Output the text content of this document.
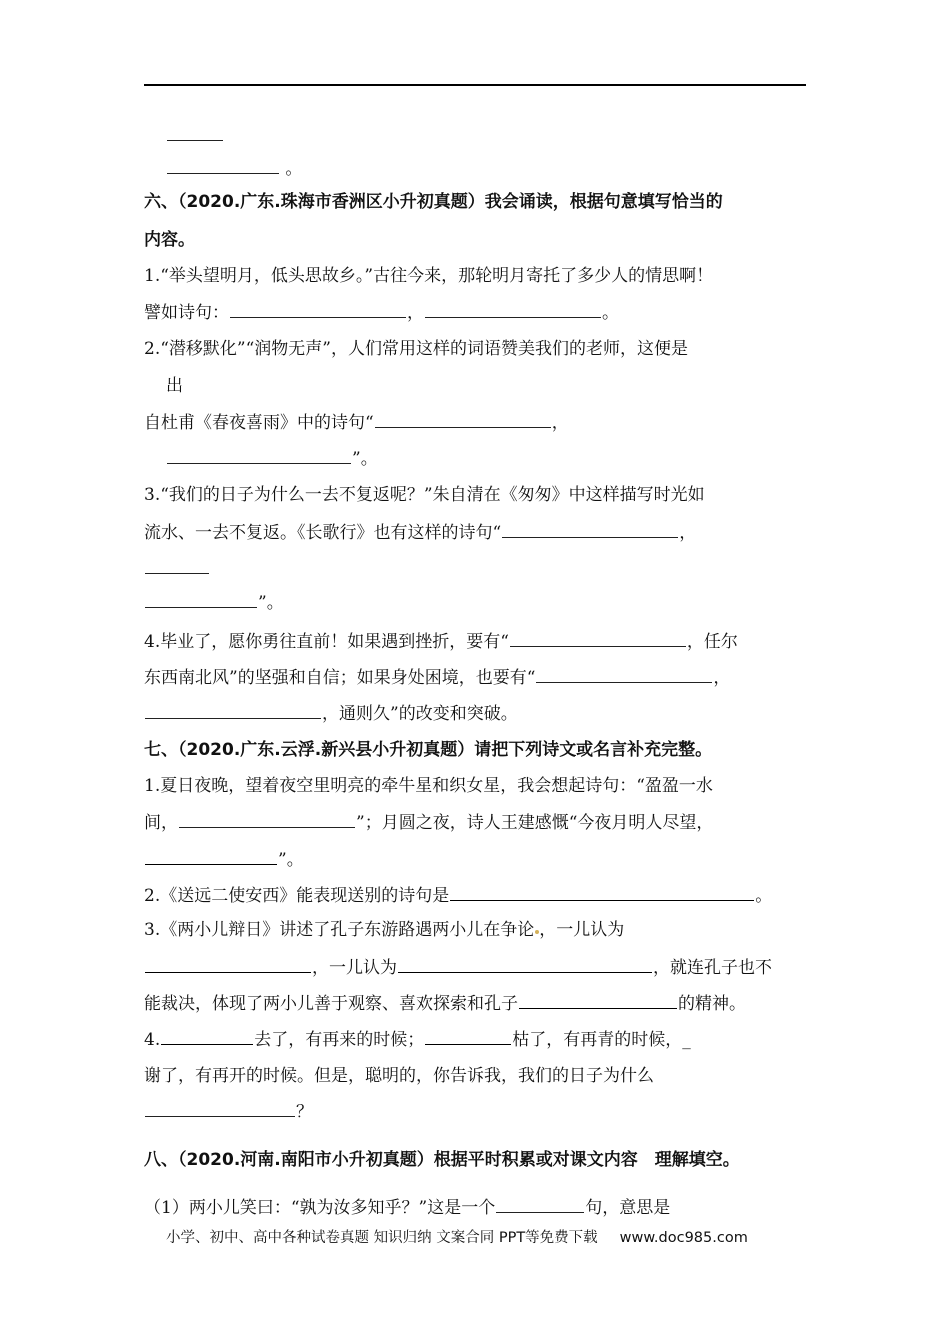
。
六、（2020.广东.珠海市香洲区小升初真题）我会诵读，根据句意填写恰当的
内容。
1.“举头望明月，低头思故乡。”古往今来，那轮明月寄托了多少人的情思啊！
譬如诗句：	，	。
2.“潜移默化”“润物无声”，人们常用这样的词语赞美我们的老师，这便是
出
自杜甫《春夜喜雨》中的诗句“	，
”。
3.“我们的日子为什么一去不复返呢？”朱自清在《匆匆》中这样描写时光如
流水、一去不复返。《长歌行》也有这样的诗句“	，
”。
4.毕业了，愿你勇往直前！如果遇到挫折，要有“	，任尔
东西南北风”的坚强和自信；如果身处困境，也要有“	，
，通则久”的改变和突破。
七、（2020.广东.云浮.新兴县小升初真题）请把下列诗文或名言补充完整。
1.夏日夜晚，望着夜空里明亮的牵牛星和织女星，我会想起诗句：“盈盈一水
间，	”；月圆之夜，诗人王建感慨“今夜月明人尽望，
”。
2.《送远二使安西》能表现送别的诗句是	。
3.《两小儿辩日》讲述了孔子东游路遇两小儿在争论 ，一儿认为
，一儿认为	，就连孔子也不
能裁决，体现了两小儿善于观察、喜欢探索和孔子	的精神。
4.	去了，有再来的时候；	枯了，有再青的时候，_
谢了，有再开的时候。但是，聪明的，你告诉我，我们的日子为什么
？
八、（2020.河南.南阳市小升初真题）根据平时积累或对课文内容　理解填空。
（1）两小儿笑曰：“孰为汝多知乎？”这是一个	句，意思是
小学、初中、高中各种试卷真题 知识归纳 文案合同 PPT等免费下载 www.doc985.com
